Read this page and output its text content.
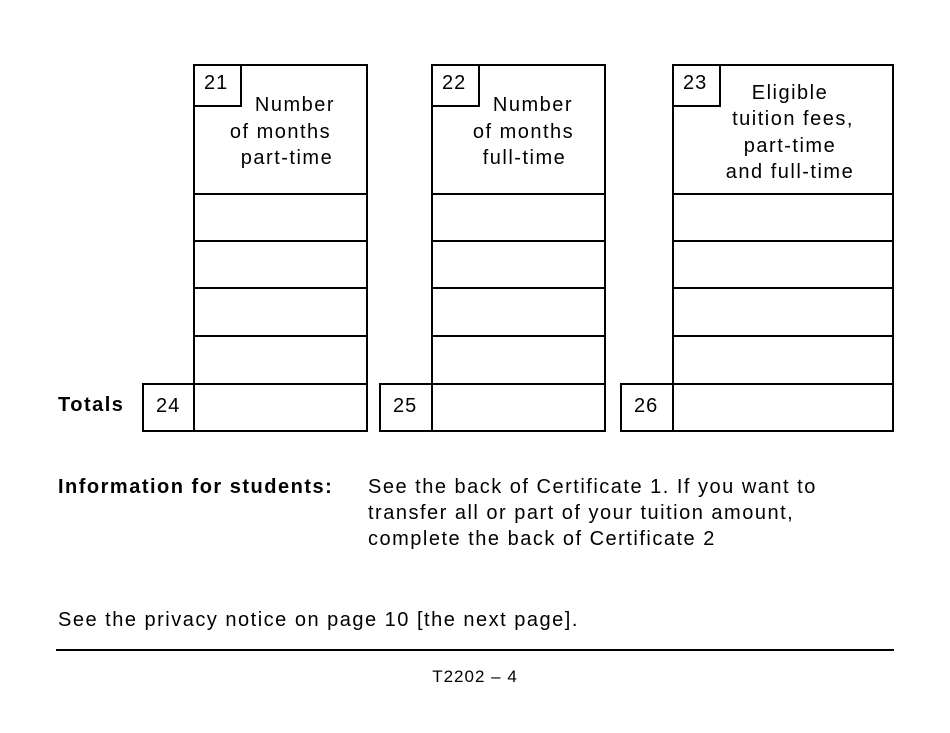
21
Number
of months
part-time
24
22
Number
of months
full-time
25
23	Eligible
tuition fees,
part-time
and full-time
26
Totals
Information for students: See the back of Certificate 1. If you want to
transfer all or part of your tuition amount,
complete the back of Certificate 2
See the privacy notice on page 10 [the next page].
T2202 – 4
